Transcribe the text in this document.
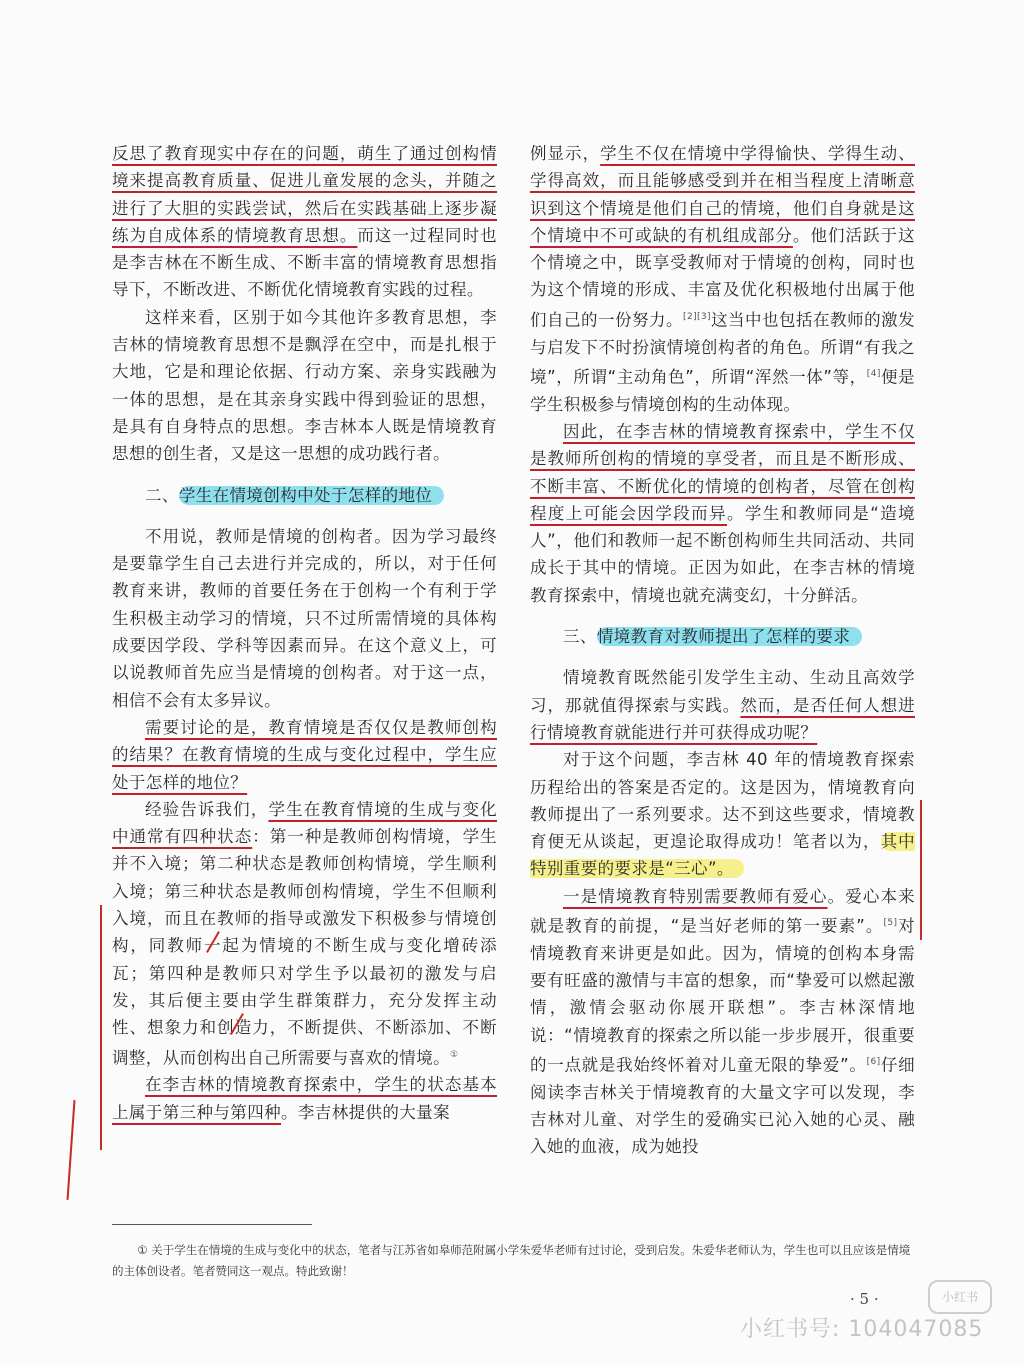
反思了教育现实中存在的问题，萌生了通过创构情境来提高教育质量、促进儿童发展的念头，并随之进行了大胆的实践尝试，然后在实践基础上逐步凝练为自成体系的情境教育思想。而这一过程同时也是李吉林在不断生成、不断丰富的情境教育思想指导下，不断改进、不断优化情境教育实践的过程。

这样来看，区别于如今其他许多教育思想，李吉林的情境教育思想不是飘浮在空中，而是扎根于大地，它是和理论依据、行动方案、亲身实践融为一体的思想，是在其亲身实践中得到验证的思想，是具有自身特点的思想。李吉林本人既是情境教育思想的创生者，又是这一思想的成功践行者。

二、学生在情境创构中处于怎样的地位

不用说，教师是情境的创构者。因为学习最终是要靠学生自己去进行并完成的，所以，对于任何教育来讲，教师的首要任务在于创构一个有利于学生积极主动学习的情境，只不过所需情境的具体构成要因学段、学科等因素而异。在这个意义上，可以说教师首先应当是情境的创构者。对于这一点，相信不会有太多异议。

需要讨论的是，教育情境是否仅仅是教师创构的结果？在教育情境的生成与变化过程中，学生应处于怎样的地位？

经验告诉我们，学生在教育情境的生成与变化中通常有四种状态：第一种是教师创构情境，学生并不入境；第二种状态是教师创构情境，学生顺利入境；第三种状态是教师创构情境，学生不但顺利入境，而且在教师的指导或激发下积极参与情境创构，同教师一起为情境的不断生成与变化增砖添瓦；第四种是教师只对学生予以最初的激发与启发，其后便主要由学生群策群力，充分发挥主动性、想象力和创造力，不断提供、不断添加、不断调整，从而创构出自己所需要与喜欢的情境。①

在李吉林的情境教育探索中，学生的状态基本上属于第三种与第四种。李吉林提供的大量案

例显示，学生不仅在情境中学得愉快、学得生动、学得高效，而且能够感受到并在相当程度上清晰意识到这个情境是他们自己的情境，他们自身就是这个情境中不可或缺的有机组成部分。他们活跃于这个情境之中，既享受教师对于情境的创构，同时也为这个情境的形成、丰富及优化积极地付出属于他们自己的一份努力。[2][3]这当中也包括在教师的激发与启发下不时扮演情境创构者的角色。所谓“有我之境”，所谓“主动角色”，所谓“浑然一体”等，[4]便是学生积极参与情境创构的生动体现。

因此，在李吉林的情境教育探索中，学生不仅是教师所创构的情境的享受者，而且是不断形成、不断丰富、不断优化的情境的创构者，尽管在创构程度上可能会因学段而异。学生和教师同是“造境人”，他们和教师一起不断创构师生共同活动、共同成长于其中的情境。正因为如此，在李吉林的情境教育探索中，情境也就充满变幻，十分鲜活。

三、情境教育对教师提出了怎样的要求

情境教育既然能引发学生主动、生动且高效学习，那就值得探索与实践。然而，是否任何人想进行情境教育就能进行并可获得成功呢？

对于这个问题，李吉林 40 年的情境教育探索历程给出的答案是否定的。这是因为，情境教育向教师提出了一系列要求。达不到这些要求，情境教育便无从谈起，更遑论取得成功！笔者以为，其中特别重要的要求是“三心”。

一是情境教育特别需要教师有爱心。爱心本来就是教育的前提，“是当好老师的第一要素”。[5]对情境教育来讲更是如此。因为，情境的创构本身需要有旺盛的激情与丰富的想象，而“挚爱可以燃起激情，激情会驱动你展开联想”。李吉林深情地说：“情境教育的探索之所以能一步步展开，很重要的一点就是我始终怀着对儿童无限的挚爱”。[6]仔细阅读李吉林关于情境教育的大量文字可以发现，李吉林对儿童、对学生的爱确实已沁入她的心灵、融入她的血液，成为她投

① 关于学生在情境的生成与变化中的状态，笔者与江苏省如皋师范附属小学朱爱华老师有过讨论，受到启发。朱爱华老师认为，学生也可以且应该是情境的主体创设者。笔者赞同这一观点。特此致谢！
· 5 ·	小红书
小红书号: 104047085
